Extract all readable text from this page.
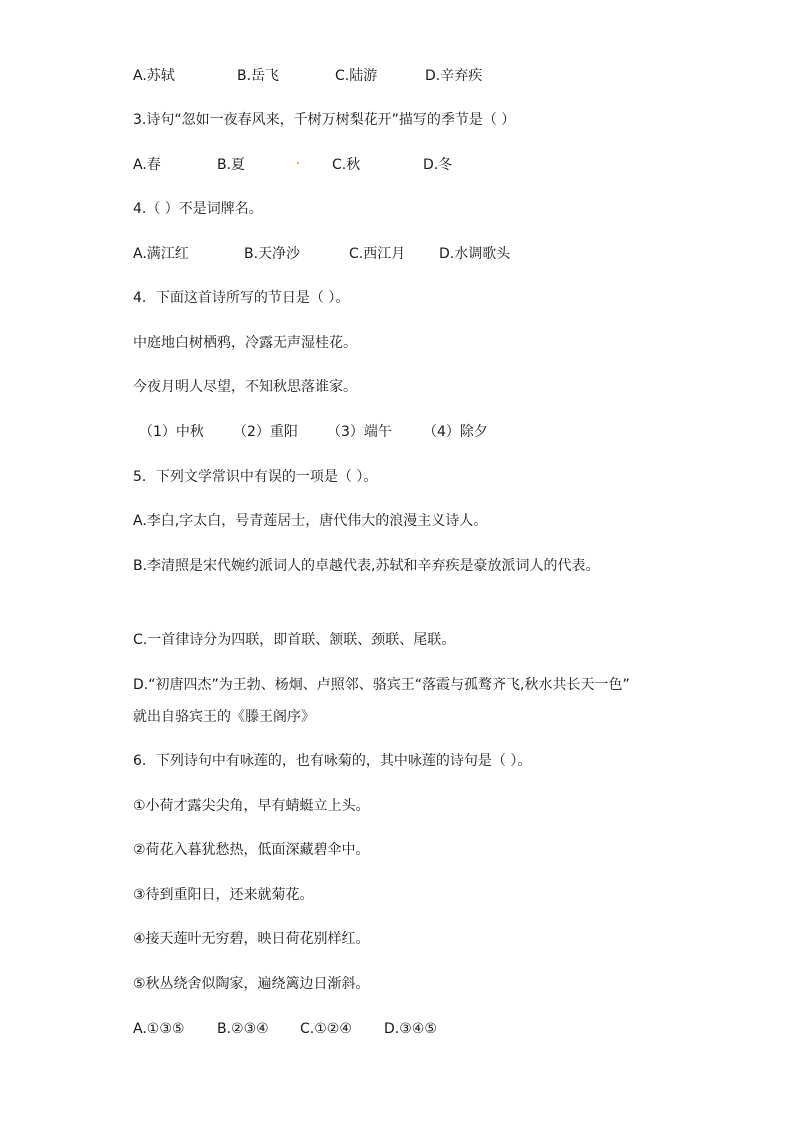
A.苏轼	B.岳飞	C.陆游	D.辛弃疾
3.诗句“忽如一夜春风来，千树万树梨花开”描写的季节是（ ）
A.春	B.夏	C.秋	D.冬
4.（ ）不是词牌名。
A.满江红	B.天净沙	C.西江月 D.水调歌头
4．下面这首诗所写的节日是（ ）。
中庭地白树栖鸦，冷露无声湿桂花。
今夜月明人尽望，不知秋思落谁家。
（1）中秋 （2）重阳 （3）端午 （4）除夕
5．下列文学常识中有误的一项是（ ）。
A.李白,字太白，号青莲居士，唐代伟大的浪漫主义诗人。
B.李清照是宋代婉约派词人的卓越代表,苏轼和辛弃疾是豪放派词人的代表。
C.一首律诗分为四联，即首联、颔联、颈联、尾联。
D.“初唐四杰”为王勃、杨炯、卢照邻、骆宾王“落霞与孤鹜齐飞,秋水共长天一色”
就出自骆宾王的《滕王阁序》
6．下列诗句中有咏莲的，也有咏菊的，其中咏莲的诗句是（ ）。
①小荷才露尖尖角，早有蜻蜓立上头。
②荷花入暮犹愁热，低面深藏碧伞中。
③待到重阳日，还来就菊花。
④接天莲叶无穷碧，映日荷花别样红。
⑤秋丛绕舍似陶家，遍绕篱边日渐斜。
A.①③⑤ B.②③④ C.①②④ D.③④⑤
